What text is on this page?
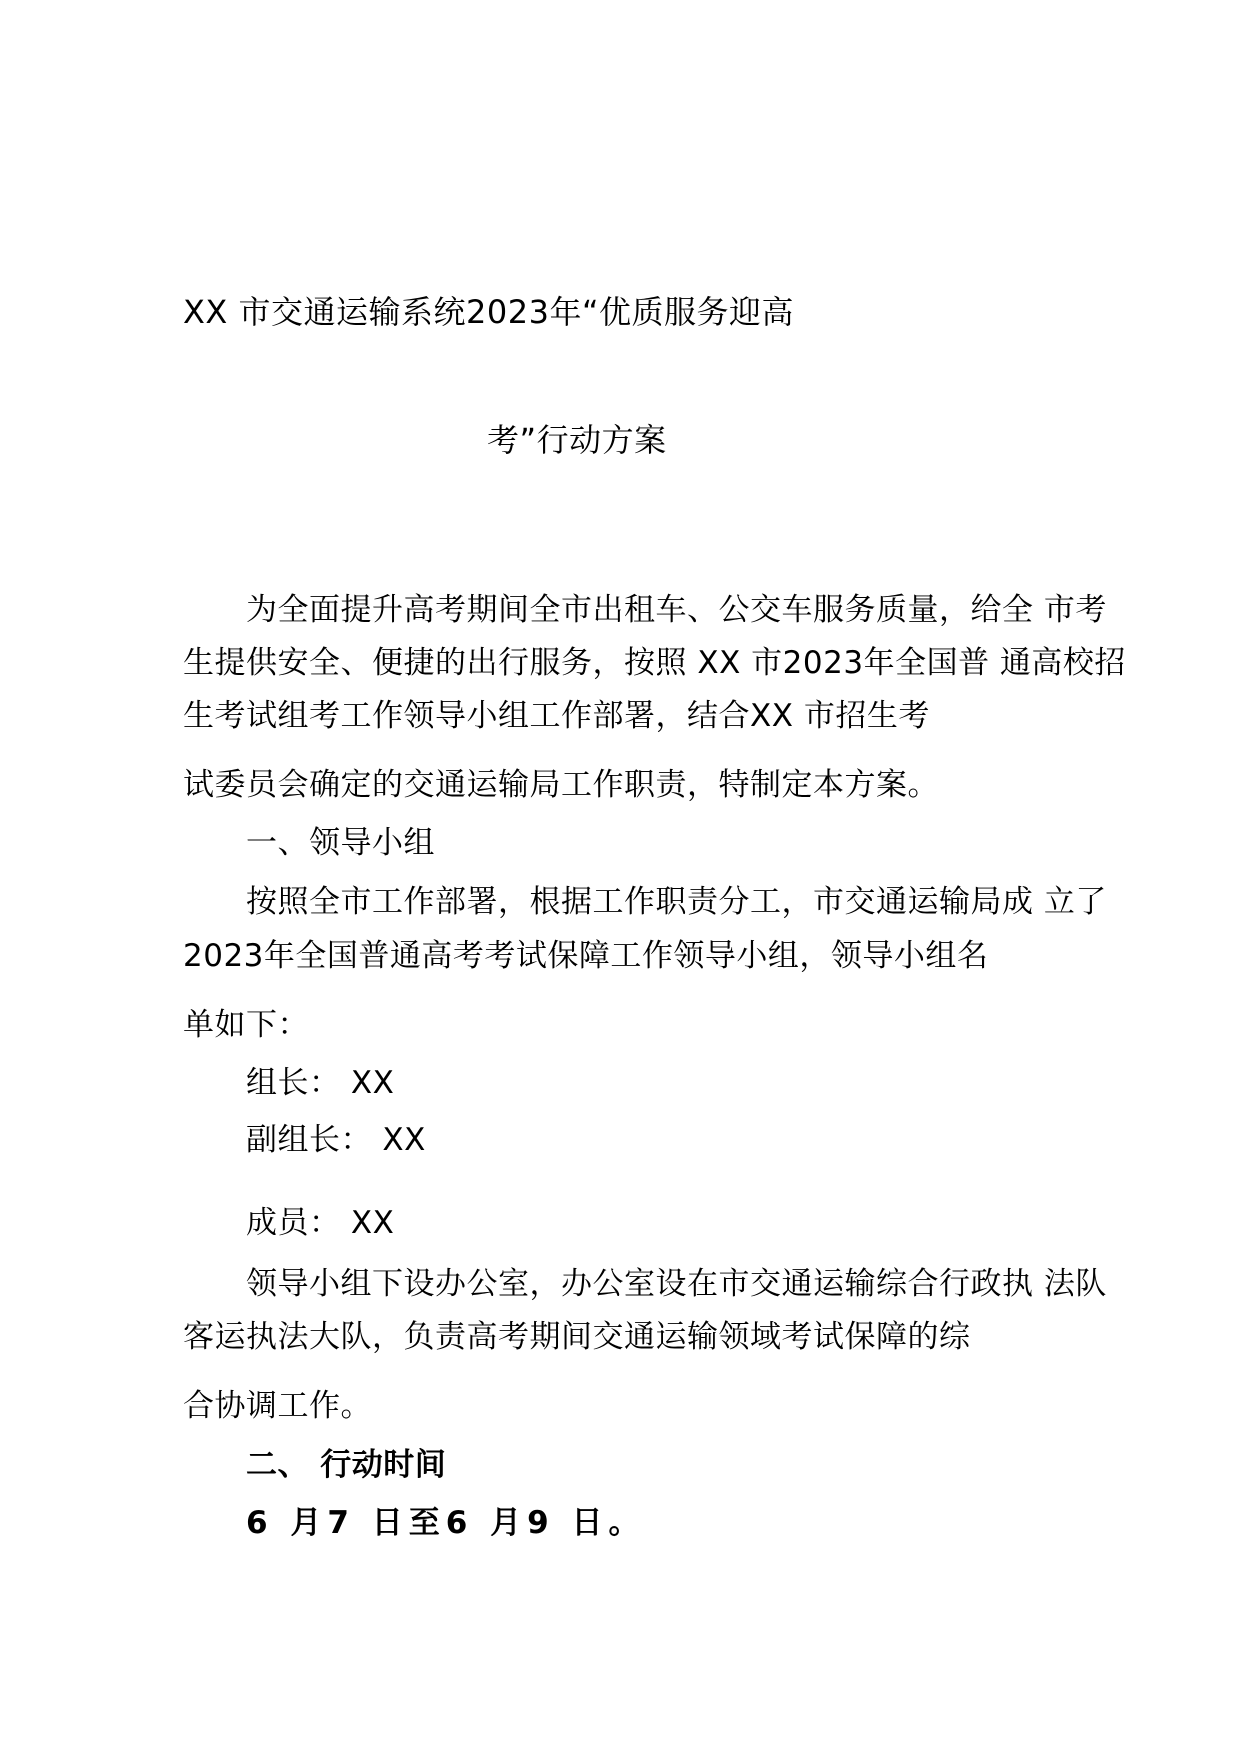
XX 市交通运输系统2023年“优质服务迎高
考”行动方案
为全面提升高考期间全市出租车、公交车服务质量，给全 市考
生提供安全、便捷的出行服务，按照 XX 市2023年全国普 通高校招
生考试组考工作领导小组工作部署，结合XX 市招生考
试委员会确定的交通运输局工作职责，特制定本方案。
一、领导小组
按照全市工作部署，根据工作职责分工，市交通运输局成 立了
2023年全国普通高考考试保障工作领导小组，领导小组名
单如下：
组长： XX
副组长： XX
成员： XX
领导小组下设办公室，办公室设在市交通运输综合行政执 法队
客运执法大队，负责高考期间交通运输领域考试保障的综
合协调工作。
二、 行动时间
6 月7 日至6 月9 日。
